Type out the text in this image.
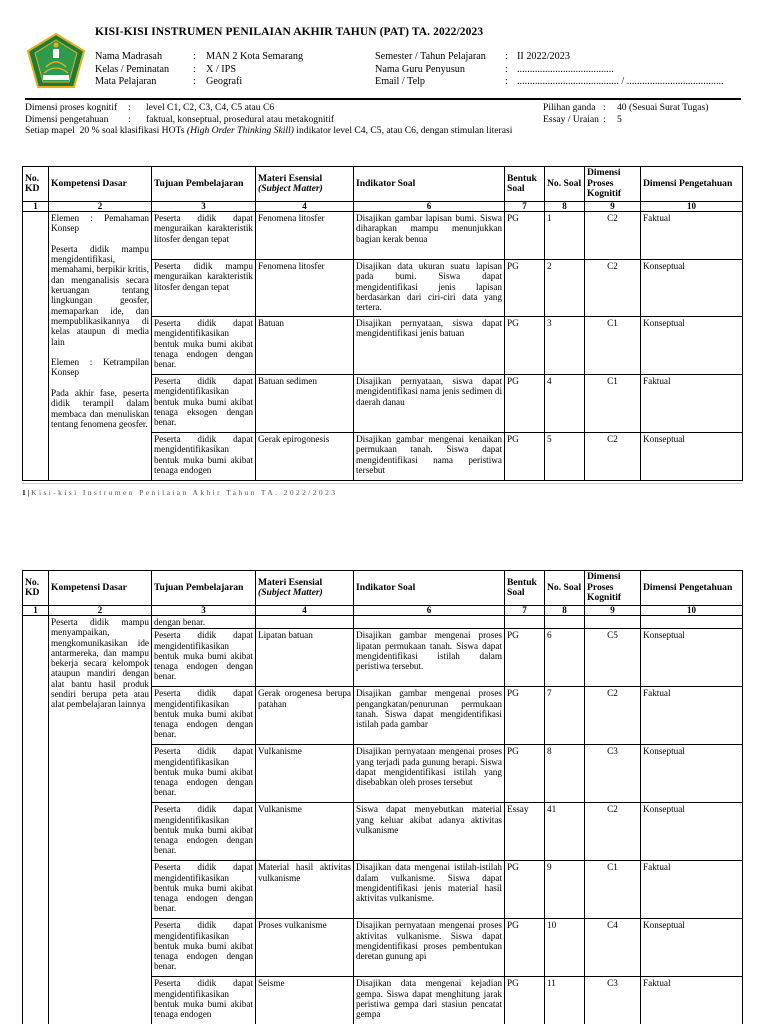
KISI-KISI INSTRUMEN PENILAIAN AKHIR TAHUN (PAT) TA. 2022/2023
Nama Madrasah	: MAN 2 Kota Semarang
Kelas / Peminatan	: X / IPS
Mata Pelajaran	: Geografi
Semester / Tahun Pelajaran	: II 2022/2023
Nama Guru Penyusun	: ......................................
Email / Telp	: ........................................ / ......................................
Dimensi proses kognitif	:	level C1, C2, C3, C4, C5 atau C6
Dimensi pengetahuan	:	faktual, konseptual, prosedural atau metakognitif
Setiap mapel  20 % soal klasifikasi HOTs (High Order Thinking Skill) indikator level C4, C5, atau C6, dengan stimulan literasi
Pilihan ganda :	40 (Sesuai Surat Tugas)
Essay / Uraian :	5
No. KD	Kompetensi Dasar	Tujuan Pembelajaran	Materi Esensial
(Subject Matter)	Indikator Soal	Bentuk Soal	No. Soal	Dimensi Proses Kognitif	Dimensi Pengetahuan
1	2	3	4	6	7	8	9	10
	Elemen : Pemahaman Konsep

Peserta didik mampu mengidentifikasi, memahami, berpikir kritis, dan menganalisis secara keruangan tentang lingkungan geosfer, memaparkan ide, dan mempublikasikannya di kelas ataupun di media lain

Elemen : Ketrampilan Konsep

Pada akhir fase, peserta didik terampil dalam membaca dan menuliskan tentang fenomena geosfer.	Peserta didik dapat menguraikan karakteristik litosfer dengan tepat	Fenomena litosfer	Disajikan gambar lapisan bumi. Siswa diharapkan mampu menunjukkan bagian kerak benua	PG	1	C2	Faktual
		Peserta didik mampu menguraikan karakteristik litosfer dengan tepat	Fenomena litosfer	Disajikan data ukuran suatu lapisan pada bumi. Siswa dapat mengidentifikasi jenis lapisan berdasarkan dari ciri-ciri data yang tertera.	PG	2	C2	Konseptual
		Peserta didik dapat mengidentifikasikan bentuk muka bumi akibat tenaga endogen dengan benar.	Batuan	Disajikan pernyataan, siswa dapat mengidentifikasi jenis batuan	PG	3	C1	Konseptual
		Peserta didik dapat mengidentifikasikan bentuk muka bumi akibat tenaga eksogen dengan benar.	Batuan sedimen	Disajikan pernyataan, siswa dapat mengidentifikasi nama jenis sedimen di daerah danau	PG	4	C1	Faktual
		Peserta didik dapat mengidentifikasikan bentuk muka bumi akibat tenaga endogen	Gerak epirogonesis	Disajikan gambar mengenai kenaikan permukaan tanah. Siswa dapat mengidentifikasi nama peristiwa tersebut	PG	5	C2	Konseptual
1 | Kisi-kisi Instrumen Penilaian Akhir Tahun TA. 2022/2023
No. KD	Kompetensi Dasar	Tujuan Pembelajaran	Materi Esensial
(Subject Matter)	Indikator Soal	Bentuk Soal	No. Soal	Dimensi Proses Kognitif	Dimensi Pengetahuan
1	2	3	4	6	7	8	9	10
	Peserta didik mampu menyampaikan, mengkomunikasikan ide antarmereka, dan mampu bekerja secara kelompok ataupun mandiri dengan alat bantu hasil produk sendiri berupa peta atau alat pembelajaran lainnya	dengan benar.						
		Peserta didik dapat mengidentifikasikan bentuk muka bumi akibat tenaga endogen dengan benar.	Lipatan batuan	Disajikan gambar mengenai proses lipatan permukaan tanah. Siswa dapat mengidentifikasi istilah dalam peristiwa tersebut.	PG	6	C5	Konseptual
		Peserta didik dapat mengidentifikasikan bentuk muka bumi akibat tenaga endogen dengan benar.	Gerak orogenesa berupa patahan	Disajikan gambar mengenai proses pengangkatan/penurunan permukaan tanah. Siswa dapat mengidentifikasi istilah pada gambar	PG	7	C2	Faktual
		Peserta didik dapat mengidentifikasikan bentuk muka bumi akibat tenaga endogen dengan benar.	Vulkanisme	Disajikan pernyataan mengenai proses yang terjadi pada gunung berapi. Siswa dapat mengidentifikasi istilah yang disebabkan oleh proses tersebut	PG	8	C3	Konseptual
		Peserta didik dapat mengidentifikasikan bentuk muka bumi akibat tenaga endogen dengan benar.	Vulkanisme	Siswa dapat menyebutkan material yang keluar akibat adanya aktivitas vulkanisme	Essay	41	C2	Konseptual
		Peserta didik dapat mengidentifikasikan bentuk muka bumi akibat tenaga endogen dengan benar.	Material hasil aktivitas vulkanisme	Disajikan data mengenai istilah-istilah dalam vulkanisme. Siswa dapat mengidentifikasi jenis material hasil aktivitas vulkanisme.	PG	9	C1	Faktual
		Peserta didik dapat mengidentifikasikan bentuk muka bumi akibat tenaga endogen dengan benar.	Proses vulkanisme	Disajikan pernyataan mengenai proses aktivitas vulkanisme. Siswa dapat mengidentifikasi proses pembentukan deretan gunung api	PG	10	C4	Konseptual
		Peserta didik dapat mengidentifikasikan bentuk muka bumi akibat tenaga endogen	Seisme	Disajikan data mengenai kejadian gempa. Siswa dapat menghitung jarak peristiwa gempa dari stasiun pencatat gempa	PG	11	C3	Faktual
